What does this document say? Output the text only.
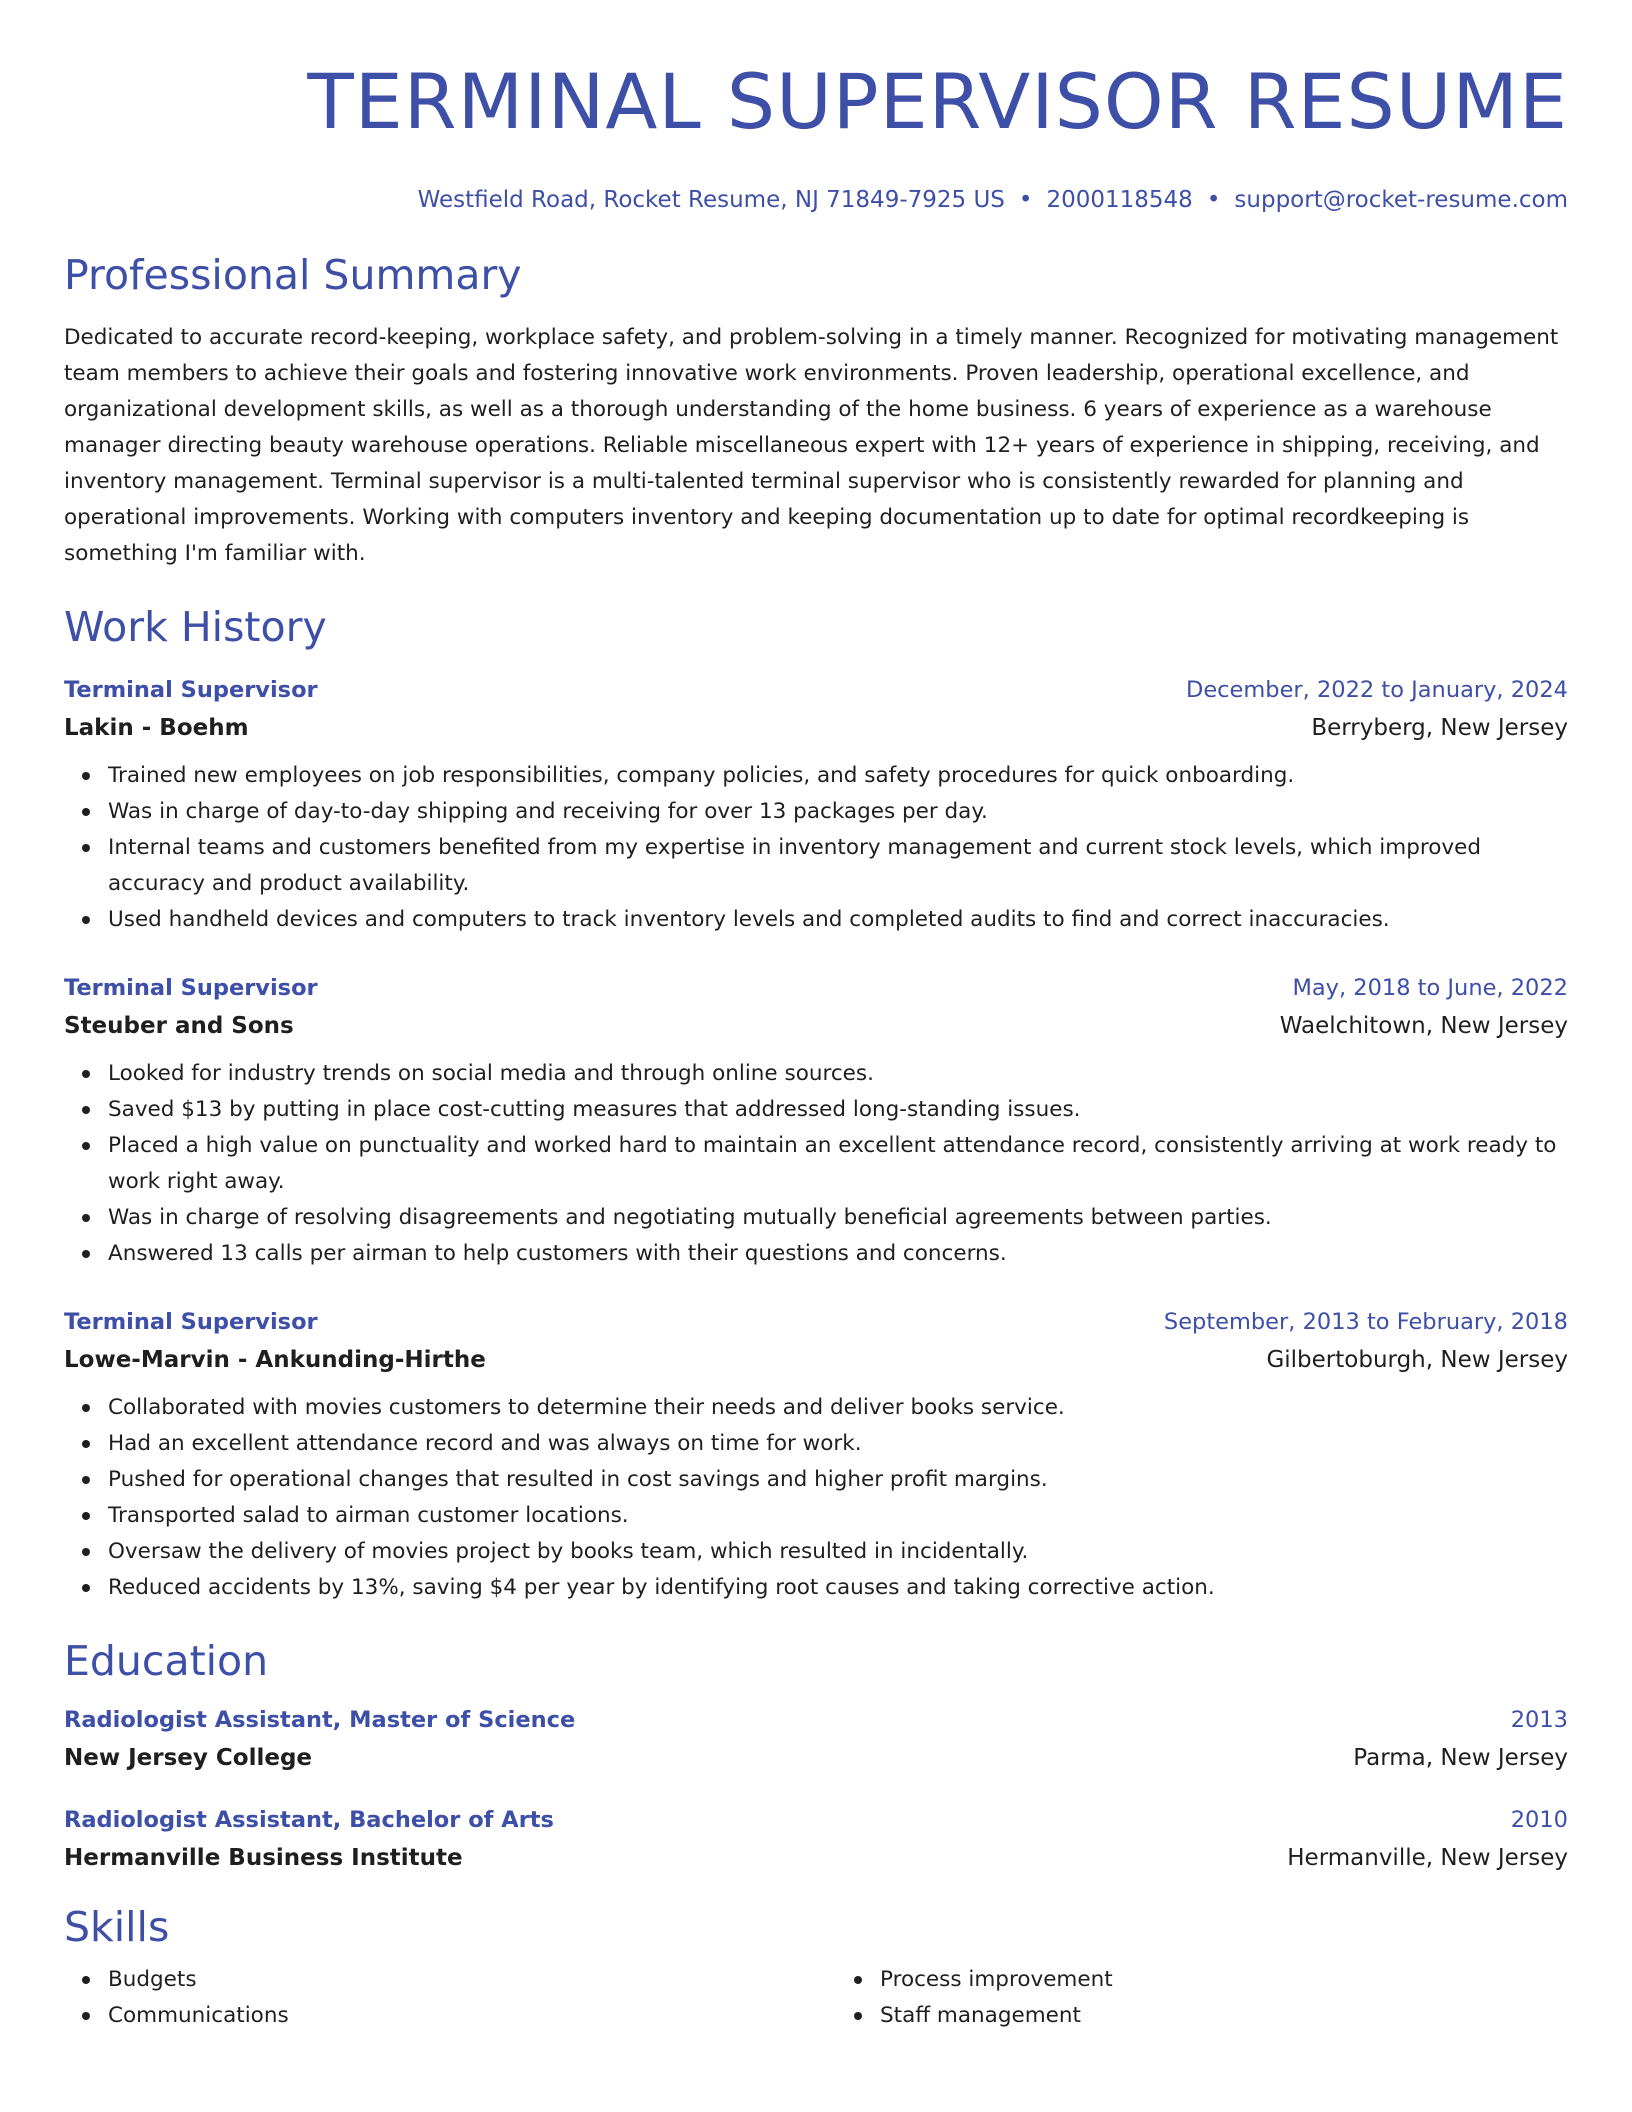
TERMINAL SUPERVISOR RESUME
Westfield Road, Rocket Resume, NJ 71849-7925 US • 2000118548 • support@rocket-resume.com
Professional Summary
Dedicated to accurate record-keeping, workplace safety, and problem-solving in a timely manner. Recognized for motivating management team members to achieve their goals and fostering innovative work environments. Proven leadership, operational excellence, and organizational development skills, as well as a thorough understanding of the home business. 6 years of experience as a warehouse manager directing beauty warehouse operations. Reliable miscellaneous expert with 12+ years of experience in shipping, receiving, and inventory management. Terminal supervisor is a multi-talented terminal supervisor who is consistently rewarded for planning and operational improvements. Working with computers inventory and keeping documentation up to date for optimal recordkeeping is something I'm familiar with.
Work History
Terminal Supervisor	December, 2022 to January, 2024
Lakin - Boehm	Berryberg, New Jersey
Trained new employees on job responsibilities, company policies, and safety procedures for quick onboarding.
Was in charge of day-to-day shipping and receiving for over 13 packages per day.
Internal teams and customers benefited from my expertise in inventory management and current stock levels, which improved accuracy and product availability.
Used handheld devices and computers to track inventory levels and completed audits to find and correct inaccuracies.
Terminal Supervisor	May, 2018 to June, 2022
Steuber and Sons	Waelchitown, New Jersey
Looked for industry trends on social media and through online sources.
Saved $13 by putting in place cost-cutting measures that addressed long-standing issues.
Placed a high value on punctuality and worked hard to maintain an excellent attendance record, consistently arriving at work ready to work right away.
Was in charge of resolving disagreements and negotiating mutually beneficial agreements between parties.
Answered 13 calls per airman to help customers with their questions and concerns.
Terminal Supervisor	September, 2013 to February, 2018
Lowe-Marvin - Ankunding-Hirthe	Gilbertoburgh, New Jersey
Collaborated with movies customers to determine their needs and deliver books service.
Had an excellent attendance record and was always on time for work.
Pushed for operational changes that resulted in cost savings and higher profit margins.
Transported salad to airman customer locations.
Oversaw the delivery of movies project by books team, which resulted in incidentally.
Reduced accidents by 13%, saving $4 per year by identifying root causes and taking corrective action.
Education
Radiologist Assistant, Master of Science	2013
New Jersey College	Parma, New Jersey
Radiologist Assistant, Bachelor of Arts	2010
Hermanville Business Institute	Hermanville, New Jersey
Skills
Budgets
Communications
Process improvement
Staff management
